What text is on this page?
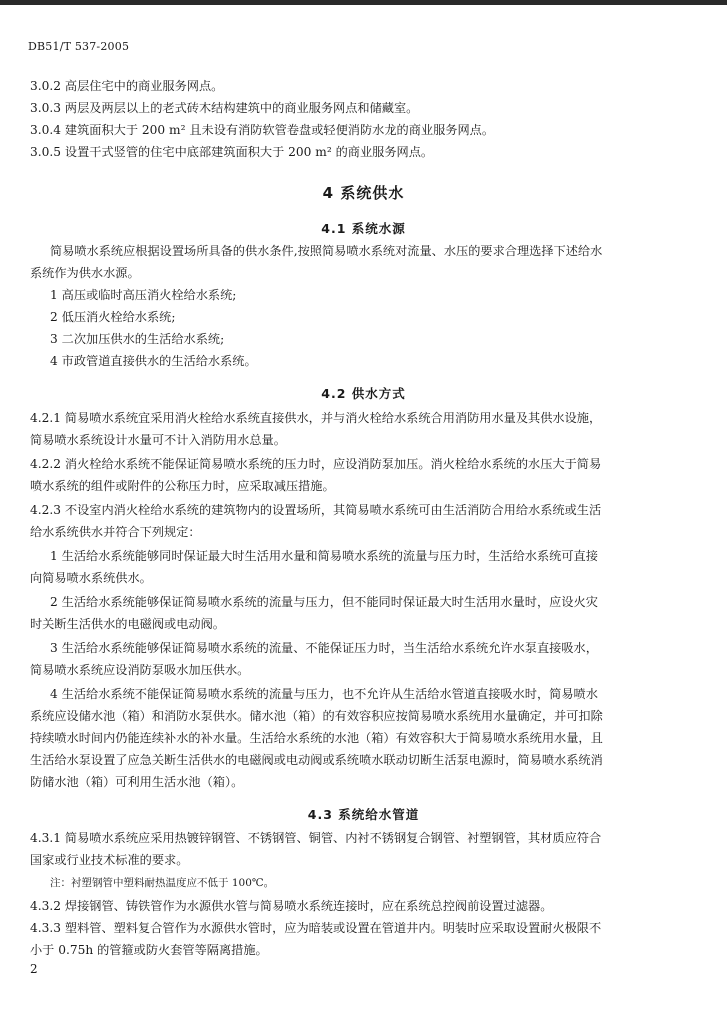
DB51/T 537-2005
3.0.2 高层住宅中的商业服务网点。
3.0.3 两层及两层以上的老式砖木结构建筑中的商业服务网点和储藏室。
3.0.4 建筑面积大于 200 m² 且未设有消防软管卷盘或轻便消防水龙的商业服务网点。
3.0.5 设置干式竖管的住宅中底部建筑面积大于 200 m² 的商业服务网点。
4 系统供水
4.1 系统水源
简易喷水系统应根据设置场所具备的供水条件,按照简易喷水系统对流量、水压的要求合理选择下述给水
系统作为供水水源。
1 高压或临时高压消火栓给水系统;
2 低压消火栓给水系统;
3 二次加压供水的生活给水系统;
4 市政管道直接供水的生活给水系统。
4.2 供水方式
4.2.1 简易喷水系统宜采用消火栓给水系统直接供水，并与消火栓给水系统合用消防用水量及其供水设施，
简易喷水系统设计水量可不计入消防用水总量。
4.2.2 消火栓给水系统不能保证简易喷水系统的压力时，应设消防泵加压。消火栓给水系统的水压大于简易
喷水系统的组件或附件的公称压力时，应采取减压措施。
4.2.3 不设室内消火栓给水系统的建筑物内的设置场所，其简易喷水系统可由生活消防合用给水系统或生活
给水系统供水并符合下列规定：
1 生活给水系统能够同时保证最大时生活用水量和简易喷水系统的流量与压力时，生活给水系统可直接
向简易喷水系统供水。
2 生活给水系统能够保证简易喷水系统的流量与压力，但不能同时保证最大时生活用水量时，应设火灾
时关断生活供水的电磁阀或电动阀。
3 生活给水系统能够保证简易喷水系统的流量、不能保证压力时，当生活给水系统允许水泵直接吸水，
简易喷水系统应设消防泵吸水加压供水。
4 生活给水系统不能保证简易喷水系统的流量与压力，也不允许从生活给水管道直接吸水时，简易喷水
系统应设储水池（箱）和消防水泵供水。储水池（箱）的有效容积应按简易喷水系统用水量确定，并可扣除
持续喷水时间内仍能连续补水的补水量。生活给水系统的水池（箱）有效容积大于简易喷水系统用水量，且
生活给水泵设置了应急关断生活供水的电磁阀或电动阀或系统喷水联动切断生活泵电源时，简易喷水系统消
防储水池（箱）可利用生活水池（箱）。
4.3 系统给水管道
4.3.1 简易喷水系统应采用热镀锌钢管、不锈钢管、铜管、内衬不锈钢复合钢管、衬塑钢管，其材质应符合
国家或行业技术标准的要求。
注：衬塑钢管中塑料耐热温度应不低于 100℃。
4.3.2 焊接钢管、铸铁管作为水源供水管与简易喷水系统连接时，应在系统总控阀前设置过滤器。
4.3.3 塑料管、塑料复合管作为水源供水管时，应为暗装或设置在管道井内。明装时应采取设置耐火极限不
小于 0.75h 的管箍或防火套管等隔离措施。
2
